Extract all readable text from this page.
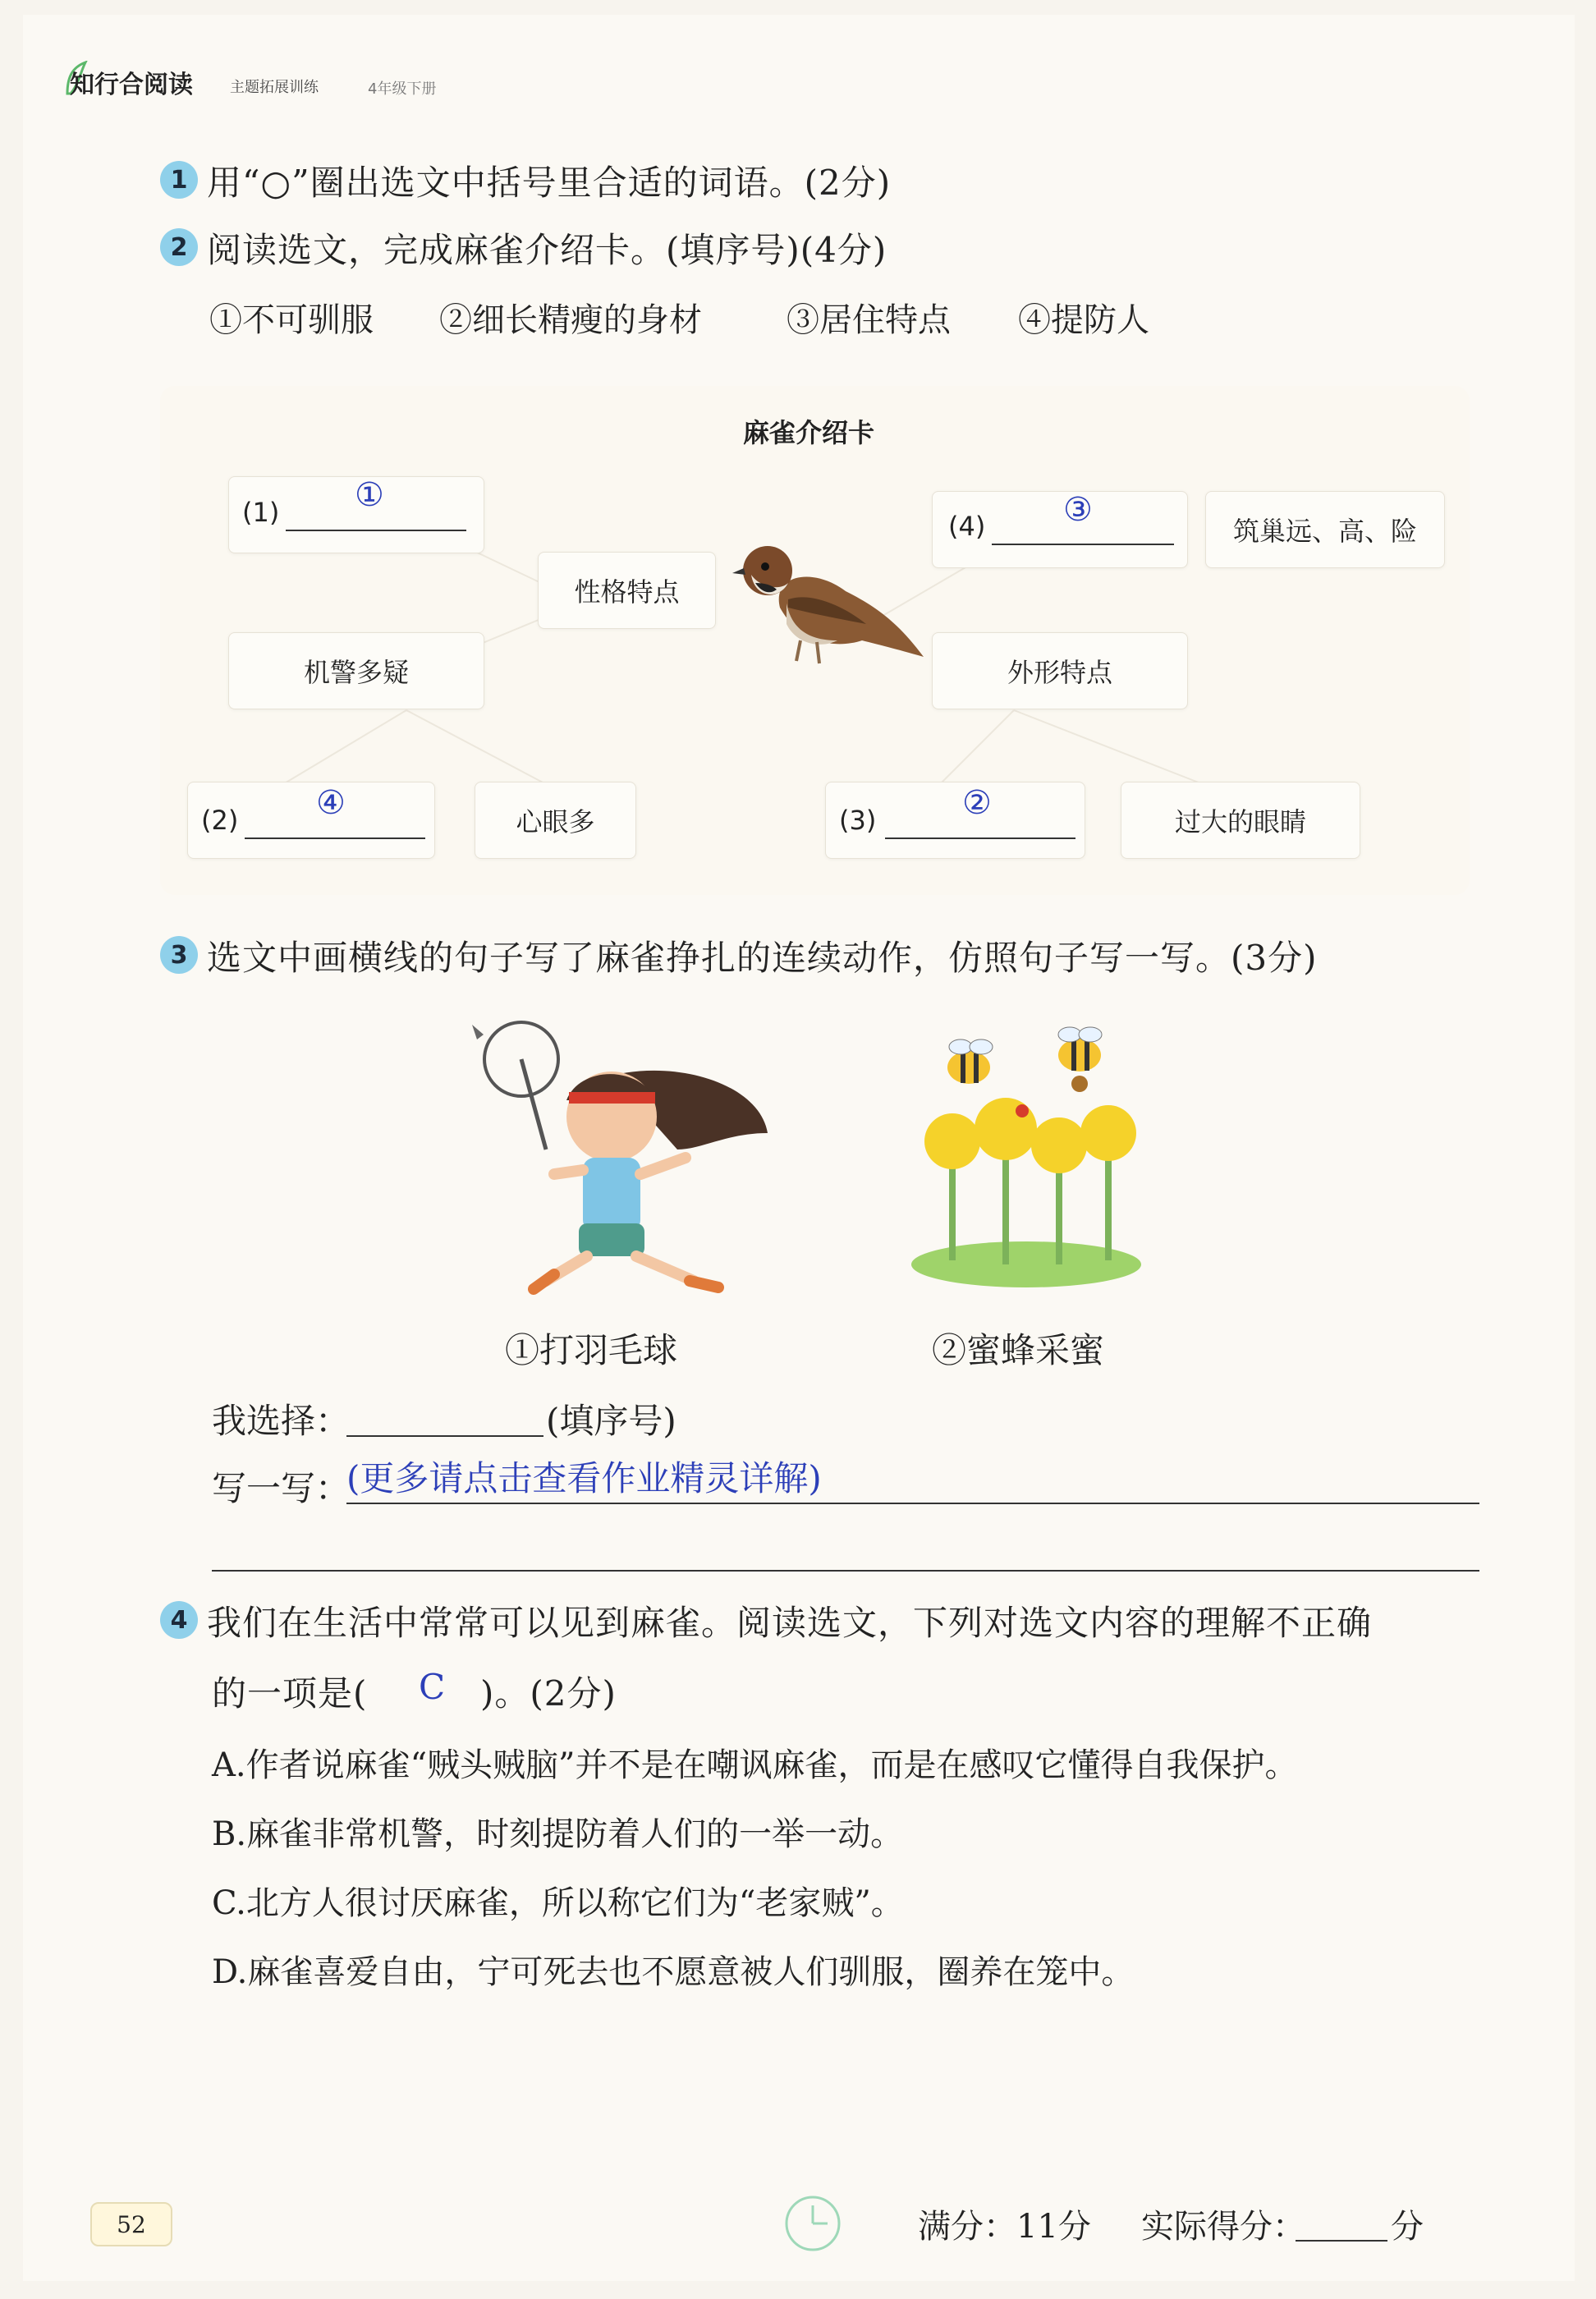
知行合阅读	主题拓展训练	4年级下册
1 用“○”圈出选文中括号里合适的词语。(2分)
2 阅读选文，完成麻雀介绍卡。(填序号)(4分)
①不可驯服 ②细长精瘦的身材	③居住特点 ④提防人
麻雀介绍卡
(1) ①
性格特点
机警多疑
(2) ④	心眼多
(4) ③
筑巢远、高、险
外形特点
(3)	②	过大的眼睛
3 选文中画横线的句子写了麻雀挣扎的连续动作，仿照句子写一写。(3分)
①打羽毛球	②蜜蜂采蜜
我选择：	(填序号)
写一写：
(更多请点击查看作业精灵详解)
4 我们在生活中常常可以见到麻雀。阅读选文，下列对选文内容的理解不正确
的一项是( C )。(2分)
A.作者说麻雀“贼头贼脑”并不是在嘲讽麻雀，而是在感叹它懂得自我保护。
B.麻雀非常机警，时刻提防着人们的一举一动。
C.北方人很讨厌麻雀，所以称它们为“老家贼”。
D.麻雀喜爱自由，宁可死去也不愿意被人们驯服，圈养在笼中。
52	满分：11分 实际得分：	分
